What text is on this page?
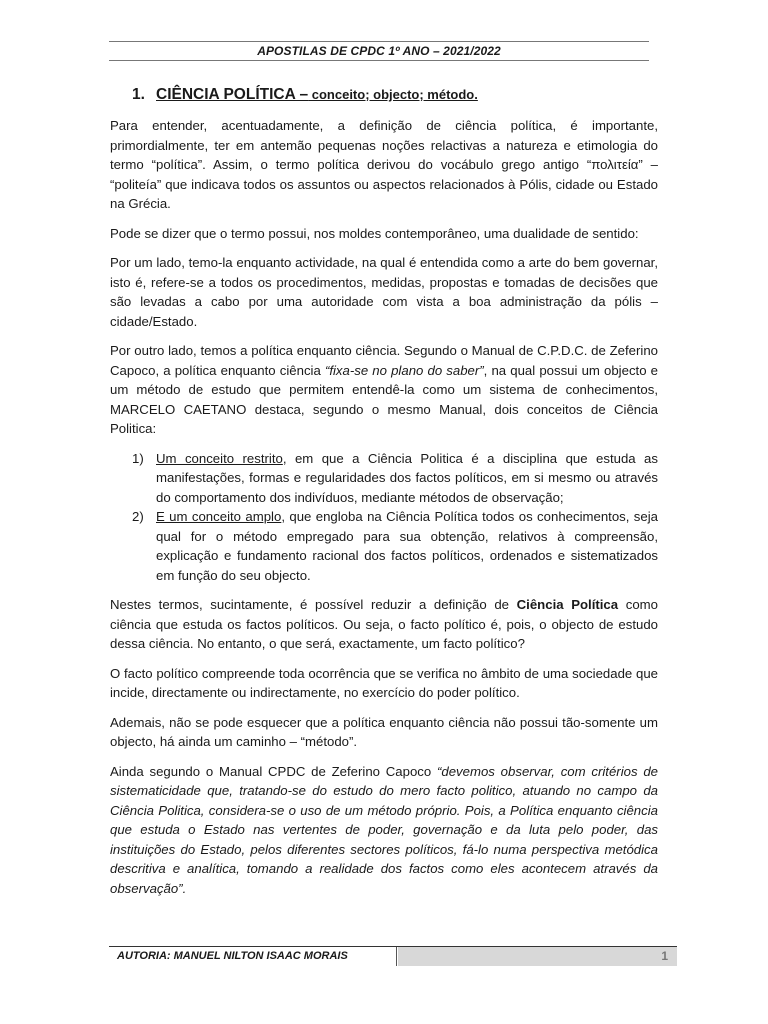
APOSTILAS DE CPDC 1º ANO – 2021/2022
1. CIÊNCIA POLÍTICA – conceito; objecto; método.

Para entender, acentuadamente, a definição de ciência política, é importante, primordialmente, ter em antemão pequenas noções relactivas a natureza e etimologia do termo “política”. Assim, o termo política derivou do vocábulo grego antigo “πολιτεία” – “politeía” que indicava todos os assuntos ou aspectos relacionados à Pólis, cidade ou Estado na Grécia.

Pode se dizer que o termo possui, nos moldes contemporâneo, uma dualidade de sentido:

Por um lado, temo-la enquanto actividade, na qual é entendida como a arte do bem governar, isto é, refere-se a todos os procedimentos, medidas, propostas e tomadas de decisões que são levadas a cabo por uma autoridade com vista a boa administração da pólis – cidade/Estado.

Por outro lado, temos a política enquanto ciência. Segundo o Manual de C.P.D.C. de Zeferino Capoco, a política enquanto ciência “fixa-se no plano do saber”, na qual possui um objecto e um método de estudo que permitem entendê-la como um sistema de conhecimentos, MARCELO CAETANO destaca, segundo o mesmo Manual, dois conceitos de Ciência Politica:

1) Um conceito restrito, em que a Ciência Politica é a disciplina que estuda as manifestações, formas e regularidades dos factos políticos, em si mesmo ou através do comportamento dos indivíduos, mediante métodos de observação;
2) E um conceito amplo, que engloba na Ciência Política todos os conhecimentos, seja qual for o método empregado para sua obtenção, relativos à compreensão, explicação e fundamento racional dos factos políticos, ordenados e sistematizados em função do seu objecto.

Nestes termos, sucintamente, é possível reduzir a definição de Ciência Política como ciência que estuda os factos políticos. Ou seja, o facto político é, pois, o objecto de estudo dessa ciência. No entanto, o que será, exactamente, um facto político?

O facto político compreende toda ocorrência que se verifica no âmbito de uma sociedade que incide, directamente ou indirectamente, no exercício do poder político.

Ademais, não se pode esquecer que a política enquanto ciência não possui tão-somente um objecto, há ainda um caminho – “método”.

Ainda segundo o Manual CPDC de Zeferino Capoco “devemos observar, com critérios de sistematicidade que, tratando-se do estudo do mero facto politico, atuando no campo da Ciência Politica, considera-se o uso de um método próprio. Pois, a Política enquanto ciência que estuda o Estado nas vertentes de poder, governação e da luta pelo poder, das instituições do Estado, pelos diferentes sectores políticos, fá-lo numa perspectiva metódica descritiva e analítica, tomando a realidade dos factos como eles acontecem através da observação”.

AUTORIA: MANUEL NILTON ISAAC MORAIS	1
